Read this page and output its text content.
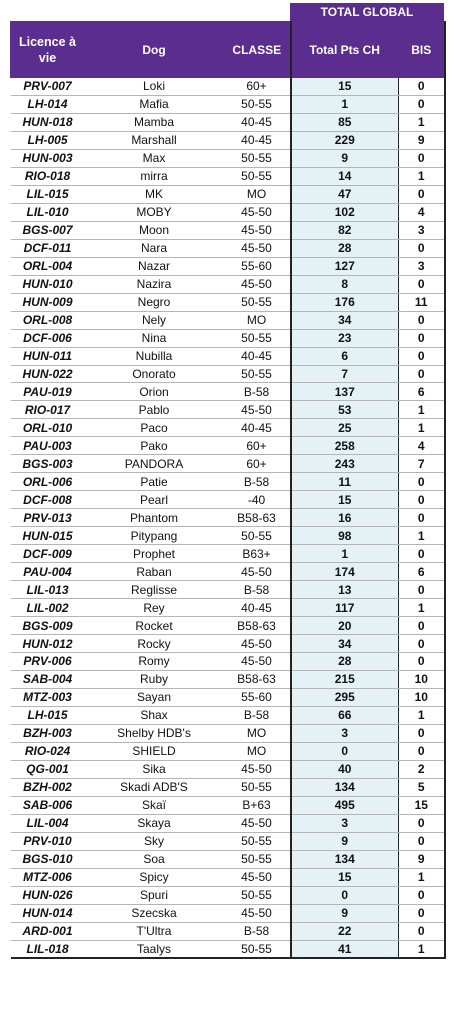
TOTAL GLOBAL
Licence à vie	Dog	CLASSE	Total Pts CH	BIS
PRV-007	Loki	60+	15	0
LH-014	Mafia	50-55	1	0
HUN-018	Mamba	40-45	85	1
LH-005	Marshall	40-45	229	9
HUN-003	Max	50-55	9	0
RIO-018	mirra	50-55	14	1
LIL-015	MK	MO	47	0
LIL-010	MOBY	45-50	102	4
BGS-007	Moon	45-50	82	3
DCF-011	Nara	45-50	28	0
ORL-004	Nazar	55-60	127	3
HUN-010	Nazira	45-50	8	0
HUN-009	Negro	50-55	176	11
ORL-008	Nely	MO	34	0
DCF-006	Nina	50-55	23	0
HUN-011	Nubilla	40-45	6	0
HUN-022	Onorato	50-55	7	0
PAU-019	Orion	B-58	137	6
RIO-017	Pablo	45-50	53	1
ORL-010	Paco	40-45	25	1
PAU-003	Pako	60+	258	4
BGS-003	PANDORA	60+	243	7
ORL-006	Patie	B-58	11	0
DCF-008	Pearl	-40	15	0
PRV-013	Phantom	B58-63	16	0
HUN-015	Pitypang	50-55	98	1
DCF-009	Prophet	B63+	1	0
PAU-004	Raban	45-50	174	6
LIL-013	Reglisse	B-58	13	0
LIL-002	Rey	40-45	117	1
BGS-009	Rocket	B58-63	20	0
HUN-012	Rocky	45-50	34	0
PRV-006	Romy	45-50	28	0
SAB-004	Ruby	B58-63	215	10
MTZ-003	Sayan	55-60	295	10
LH-015	Shax	B-58	66	1
BZH-003	Shelby HDB's	MO	3	0
RIO-024	SHIELD	MO	0	0
QG-001	Sika	45-50	40	2
BZH-002	Skadi ADB'S	50-55	134	5
SAB-006	Skaï	B+63	495	15
LIL-004	Skaya	45-50	3	0
PRV-010	Sky	50-55	9	0
BGS-010	Soa	50-55	134	9
MTZ-006	Spicy	45-50	15	1
HUN-026	Spuri	50-55	0	0
HUN-014	Szecska	45-50	9	0
ARD-001	T'Ultra	B-58	22	0
LIL-018	Taalys	50-55	41	1
